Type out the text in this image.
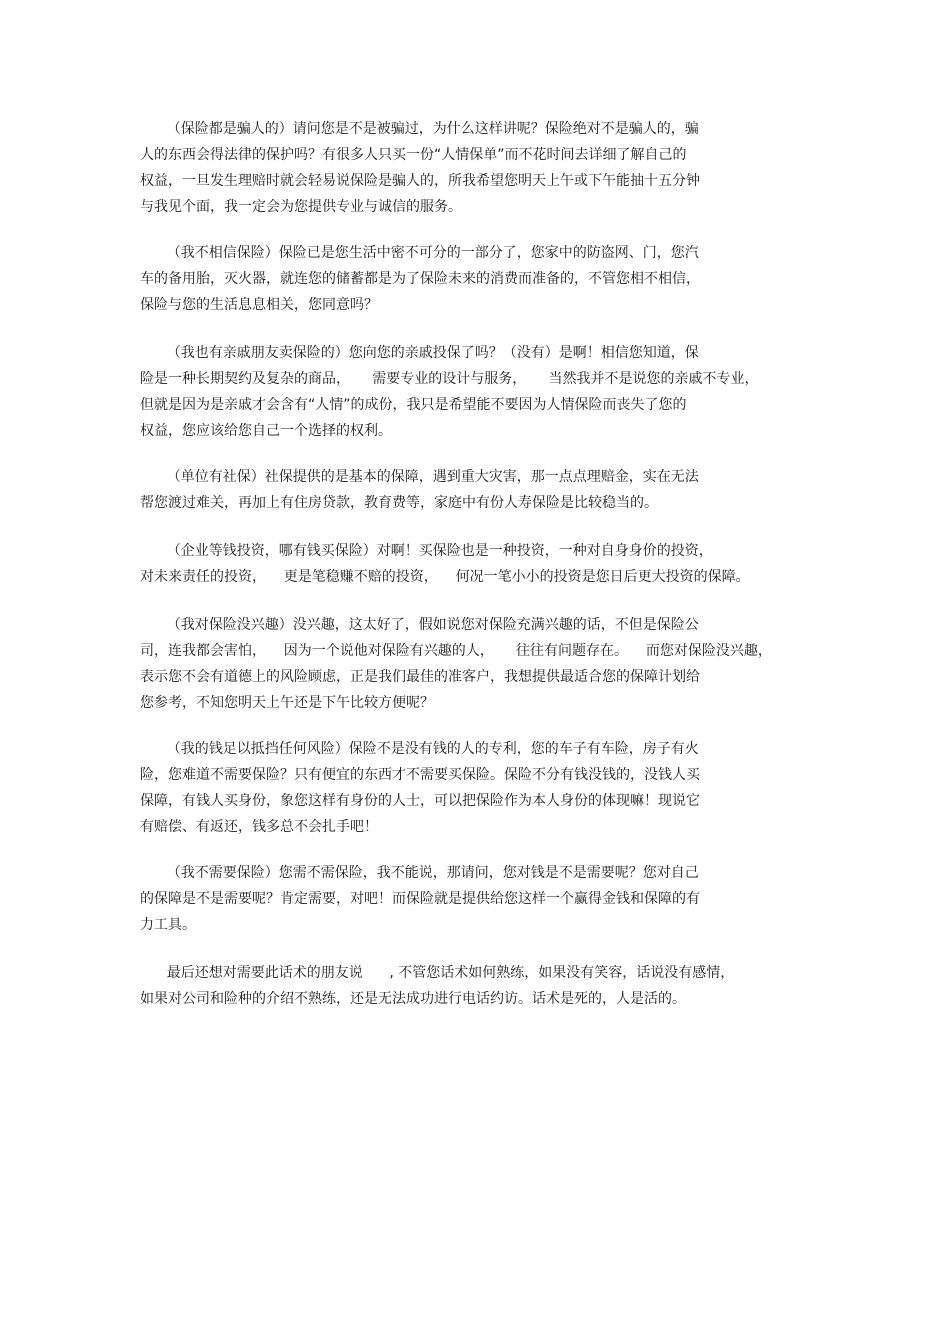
（保险都是骗人的）请问您是不是被骗过，为什么这样讲呢？保险绝对不是骗人的，骗
人的东西会得法律的保护吗？有很多人只买一份“人情保单”而不花时间去详细了解自己的
权益，一旦发生理赔时就会轻易说保险是骗人的，所我希望您明天上午或下午能抽十五分钟
与我见个面，我一定会为您提供专业与诚信的服务。
（我不相信保险）保险已是您生活中密不可分的一部分了，您家中的防盗网、门，您汽
车的备用胎，灭火器，就连您的储蓄都是为了保险未来的消费而准备的，不管您相不相信，
保险与您的生活息息相关，您同意吗？
（我也有亲戚朋友卖保险的）您向您的亲戚投保了吗？（没有）是啊！相信您知道，保
险是一种长期契约及复杂的商品，     需要专业的设计与服务，     当然我并不是说您的亲戚不专业，
但就是因为是亲戚才会含有“人情”的成份，我只是希望能不要因为人情保险而丧失了您的
权益，您应该给您自己一个选择的权利。
（单位有社保）社保提供的是基本的保障，遇到重大灾害，那一点点理赔金，实在无法
帮您渡过难关，再加上有住房贷款，教育费等，家庭中有份人寿保险是比较稳当的。
（企业等钱投资，哪有钱买保险）对啊！买保险也是一种投资，一种对自身身价的投资，
对未来责任的投资，    更是笔稳赚不赔的投资，    何况一笔小小的投资是您日后更大投资的保障。
（我对保险没兴趣）没兴趣，这太好了，假如说您对保险充满兴趣的话，不但是保险公
司，连我都会害怕，    因为一个说他对保险有兴趣的人，     往往有问题存在。    而您对保险没兴趣，
表示您不会有道德上的风险顾虑，正是我们最佳的准客户，我想提供最适合您的保障计划给
您参考，不知您明天上午还是下午比较方便呢？
（我的钱足以抵挡任何风险）保险不是没有钱的人的专利，您的车子有车险，房子有火
险，您难道不需要保险？只有便宜的东西才不需要买保险。保险不分有钱没钱的，没钱人买
保障，有钱人买身份，象您这样有身份的人士，可以把保险作为本人身份的体现嘛！现说它
有赔偿、有返还，钱多总不会扎手吧！
（我不需要保险）您需不需保险，我不能说，那请问，您对钱是不是需要呢？您对自己
的保障是不是需要呢？肯定需要，对吧！而保险就是提供给您这样一个赢得金钱和保障的有
力工具。
最后还想对需要此话术的朋友说      , 不管您话术如何熟练，如果没有笑容，话说没有感情，
如果对公司和险种的介绍不熟练，还是无法成功进行电话约访。话术是死的，人是活的。
